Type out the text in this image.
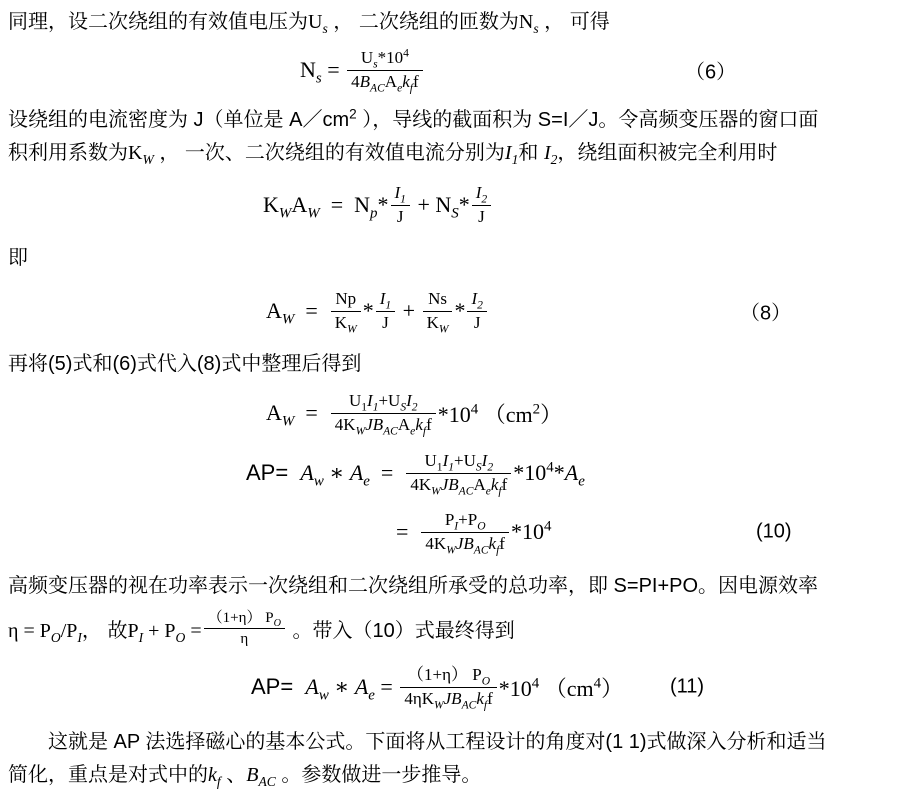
同理，设二次绕组的有效值电压为$U_s$ ， 二次绕组的匝数为$N_s$ ， 可得

$N_s = \frac{U_s*10^4}{4B_{AC}A_ek_ff}$	（6）
设绕组的电流密度为 J（单位是 $A/cm^2$ ），导线的截面积为 S=I／J。令高频变压器的窗口面
积利用系数为$K_W$ ， 一次、二次绕组的有效值电流分别为$I_1$和 $I_2$，绕组面积被完全利用时
$K_WA_W = N_p* \frac{I_1}{J} + N_S* \frac{I_2}{J}$

即

$A_W = \frac{Np}{K_W} * \frac{I_1}{J} + \frac{Ns}{K_W} * \frac{I_2}{J}$	（8）

再将(5)式和(6)式代入(8)式中整理后得到

$A_W = \frac{U_1I_1+U_SI_2}{4K_WJB_{AC}A_ek_ff} *10^4$ $(cm^2)$
$AP= A_w$ ∗ $A_e = \frac{U_1I_1+U_SI_2}{4K_WJB_{AC}A_ek_ff} *10^4*A_e$
= $\frac{P_I+P_O}{4K_WJB_{AC}k_ff} *10^4$	(10)

高频变压器的视在功率表示一次绕组和二次绕组所承受的总功率，即 S=PI+PO。因电源效率

$\eta = P_O/P_I$， 故$P_I + P_O = \frac{(1+\eta) P_O}{\eta}$ 。带入（10）式最终得到
$AP= A_w$ ∗ $A_e = \frac{(1+\eta) P_O}{4\eta K_WJB_{AC}k_ff} *10^4$ $(cm^4)$ (11)
　　这就是 AP 法选择磁心的基本公式。下面将从工程设计的角度对(1 1)式做深入分析和适当
简化，重点是对式中的$k_f$ 、$B_{AC}$ 。参数做进一步推导。
